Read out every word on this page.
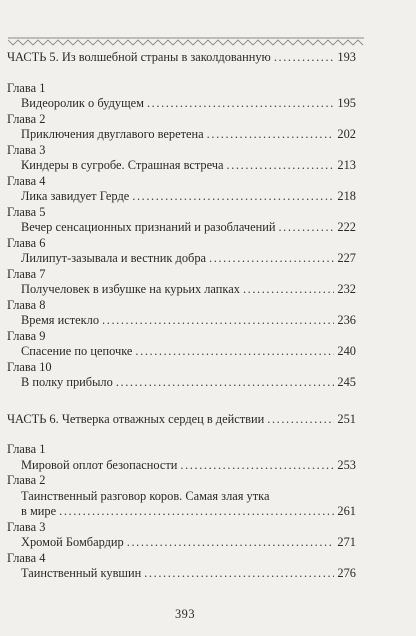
ЧАСТЬ 5. Из волшебной страны в заколдованную .....	193
Глава 1
Видеоролик о будущем .....	195
Глава 2
Приключения двуглавого веретена .....	202
Глава 3
Киндеры в сугробе. Страшная встреча .....	213
Глава 4
Лика завидует Герде .....	218
Глава 5
Вечер сенсационных признаний и разоблачений .....	222
Глава 6
Лилипут-зазывала и вестник добра .....	227
Глава 7
Получеловек в избушке на курьих лапках .....	232
Глава 8
Время истекло .....	236
Глава 9
Спасение по цепочке .....	240
Глава 10
В полку прибыло .....	245
ЧАСТЬ 6. Четверка отважных сердец в действии .....	251
Глава 1
Мировой оплот безопасности .....	253
Глава 2
Таинственный разговор коров. Самая злая утка
в мире .....	261
Глава 3
Хромой Бомбардир .....	271
Глава 4
Таинственный кувшин .....	276
393
